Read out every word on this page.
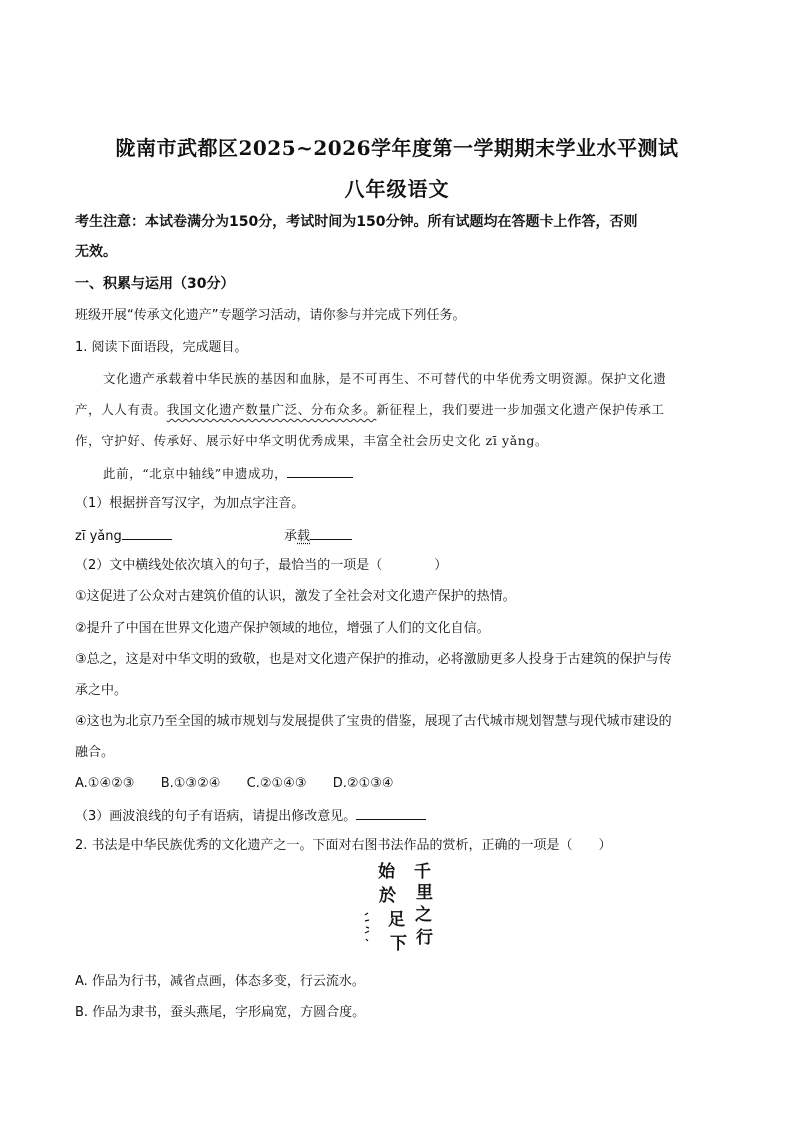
陇南市武都区2025~2026学年度第一学期期末学业水平测试
八年级语文
考生注意：本试卷满分为150分，考试时间为150分钟。所有试题均在答题卡上作答，否则
无效。
一、积累与运用（30分）
班级开展“传承文化遗产”专题学习活动，请你参与并完成下列任务。
1. 阅读下面语段，完成题目。
文化遗产承载着中华民族的基因和血脉，是不可再生、不可替代的中华优秀文明资源。保护文化遗
产，人人有责。我国文化遗产数量广泛、分布众多。新征程上，我们要进一步加强文化遗产保护传承工
作，守护好、传承好、展示好中华文明优秀成果，丰富全社会历史文化 zī yǎng。
此前，“北京中轴线”申遗成功，
（1）根据拼音写汉字，为加点字注音。
zī yǎng	承载
（2）文中横线处依次填入的句子，最恰当的一项是（	）
①这促进了公众对古建筑价值的认识，激发了全社会对文化遗产保护的热情。
②提升了中国在世界文化遗产保护领域的地位，增强了人们的文化自信。
③总之，这是对中华文明的致敬，也是对文化遗产保护的推动，必将激励更多人投身于古建筑的保护与传
承之中。
④这也为北京乃至全国的城市规划与发展提供了宝贵的借鉴，展现了古代城市规划智慧与现代城市建设的
融合。
A.①④②③ B.①③②④ C.②①④③ D.②①③④
（3）画波浪线的句子有语病，请提出修改意见。
2. 书法是中华民族优秀的文化遗产之一。下面对右图书法作品的赏析，正确的一项是（ ）
千 里 之 行
始 於 足 下
A. 作品为行书，减省点画，体态多变，行云流水。
B. 作品为隶书，蚕头燕尾，字形扁宽，方圆合度。
